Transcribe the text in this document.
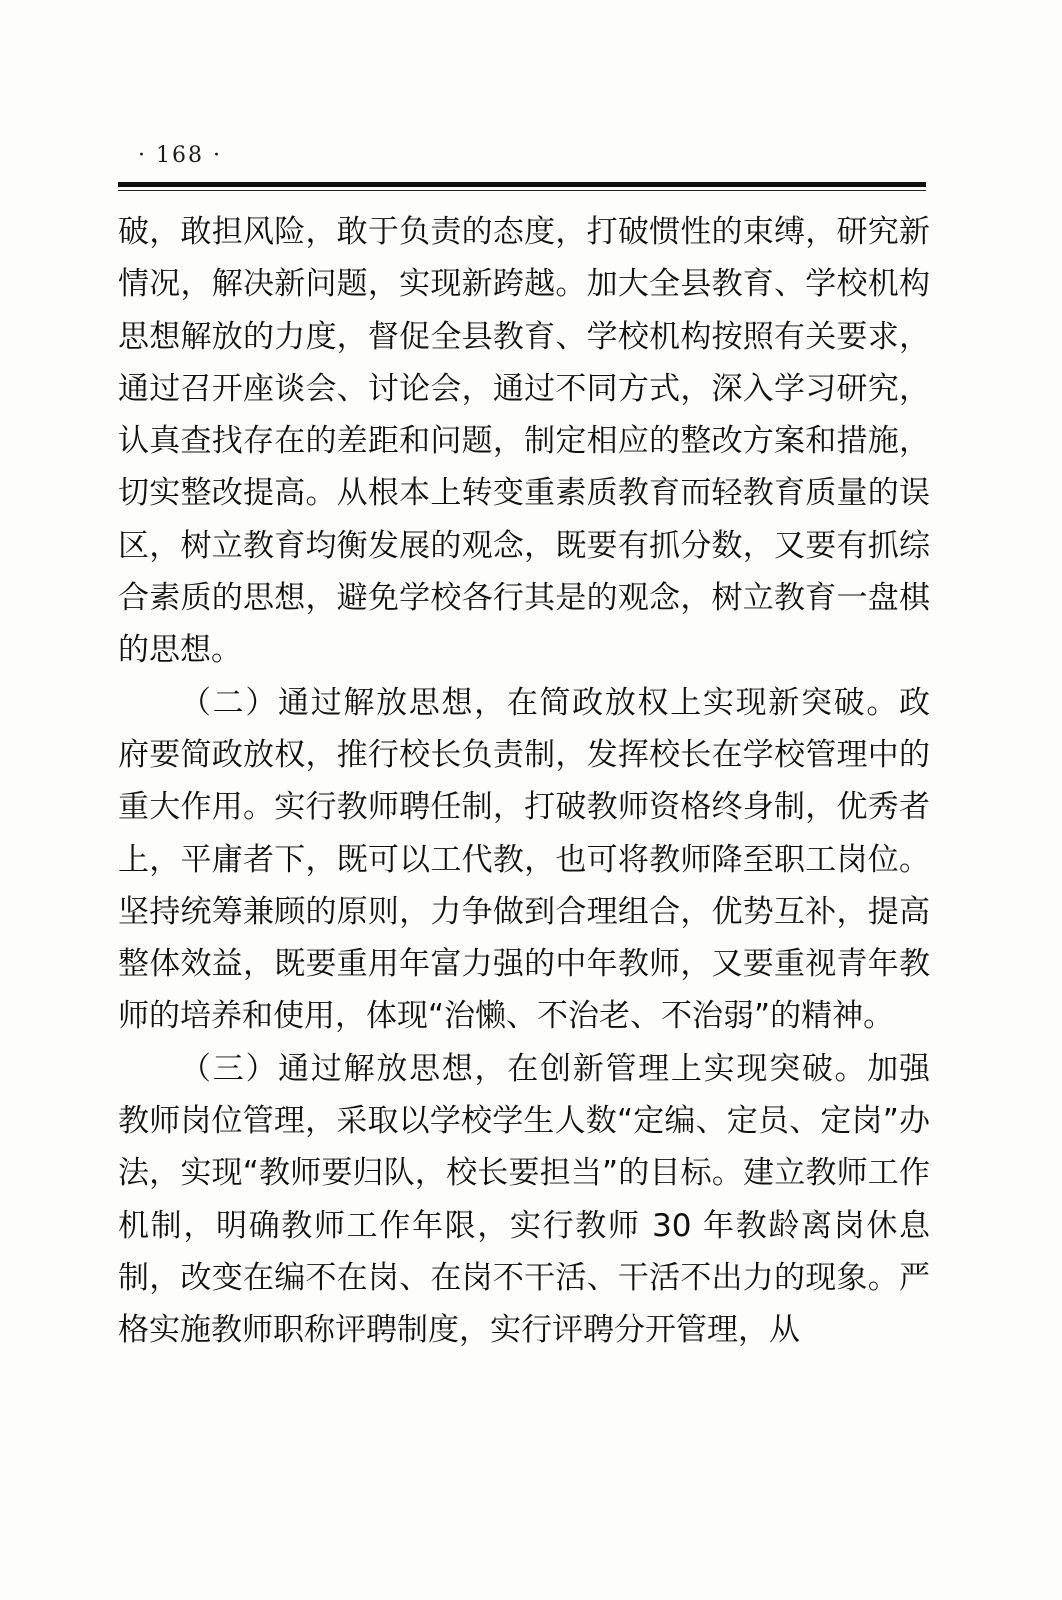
· 168 ·

破，敢担风险，敢于负责的态度，打破惯性的束缚，研究新情况，解决新问题，实现新跨越。加大全县教育、学校机构思想解放的力度，督促全县教育、学校机构按照有关要求，通过召开座谈会、讨论会，通过不同方式，深入学习研究，认真查找存在的差距和问题，制定相应的整改方案和措施，切实整改提高。从根本上转变重素质教育而轻教育质量的误区，树立教育均衡发展的观念，既要有抓分数，又要有抓综合素质的思想，避免学校各行其是的观念，树立教育一盘棋的思想。

（二）通过解放思想，在简政放权上实现新突破。政府要简政放权，推行校长负责制，发挥校长在学校管理中的重大作用。实行教师聘任制，打破教师资格终身制，优秀者上，平庸者下，既可以工代教，也可将教师降至职工岗位。坚持统筹兼顾的原则，力争做到合理组合，优势互补，提高整体效益，既要重用年富力强的中年教师，又要重视青年教师的培养和使用，体现“治懒、不治老、不治弱”的精神。

（三）通过解放思想，在创新管理上实现突破。加强教师岗位管理，采取以学校学生人数“定编、定员、定岗”办法，实现“教师要归队，校长要担当”的目标。建立教师工作机制，明确教师工作年限，实行教师 30 年教龄离岗休息制，改变在编不在岗、在岗不干活、干活不出力的现象。严格实施教师职称评聘制度，实行评聘分开管理，从
